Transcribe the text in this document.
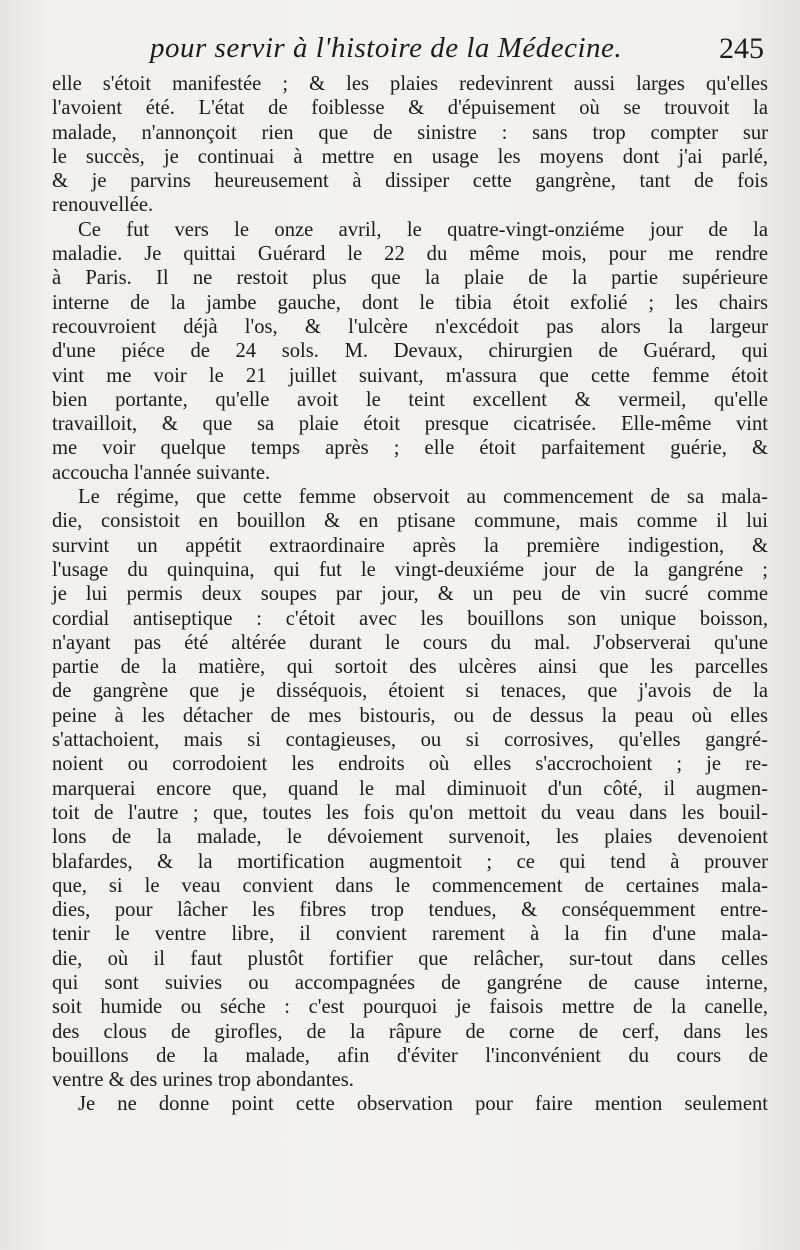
pour servir à l'histoire de la Médecine.	245
elle s'étoit manifestée ; & les plaies redevinrent aussi larges qu'elles
l'avoient été. L'état de foiblesse & d'épuisement où se trouvoit la
malade, n'annonçoit rien que de sinistre : sans trop compter sur
le succès, je continuai à mettre en usage les moyens dont j'ai parlé,
& je parvins heureusement à dissiper cette gangrène, tant de fois
renouvellée.
Ce fut vers le onze avril, le quatre-vingt-onziéme jour de la
maladie. Je quittai Guérard le 22 du même mois, pour me rendre
à Paris. Il ne restoit plus que la plaie de la partie supérieure
interne de la jambe gauche, dont le tibia étoit exfolié ; les chairs
recouvroient déjà l'os, & l'ulcère n'excédoit pas alors la largeur
d'une piéce de 24 sols. M. Devaux, chirurgien de Guérard, qui
vint me voir le 21 juillet suivant, m'assura que cette femme étoit
bien portante, qu'elle avoit le teint excellent & vermeil, qu'elle
travailloit, & que sa plaie étoit presque cicatrisée. Elle-même vint
me voir quelque temps après ; elle étoit parfaitement guérie, &
accoucha l'année suivante.
Le régime, que cette femme observoit au commencement de sa mala-
die, consistoit en bouillon & en ptisane commune, mais comme il lui
survint un appétit extraordinaire après la première indigestion, &
l'usage du quinquina, qui fut le vingt-deuxiéme jour de la gangréne ;
je lui permis deux soupes par jour, & un peu de vin sucré comme
cordial antiseptique : c'étoit avec les bouillons son unique boisson,
n'ayant pas été altérée durant le cours du mal. J'observerai qu'une
partie de la matière, qui sortoit des ulcères ainsi que les parcelles
de gangrène que je disséquois, étoient si tenaces, que j'avois de la
peine à les détacher de mes bistouris, ou de dessus la peau où elles
s'attachoient, mais si contagieuses, ou si corrosives, qu'elles gangré-
noient ou corrodoient les endroits où elles s'accrochoient ; je re-
marquerai encore que, quand le mal diminuoit d'un côté, il augmen-
toit de l'autre ; que, toutes les fois qu'on mettoit du veau dans les bouil-
lons de la malade, le dévoiement survenoit, les plaies devenoient
blafardes, & la mortification augmentoit ; ce qui tend à prouver
que, si le veau convient dans le commencement de certaines mala-
dies, pour lâcher les fibres trop tendues, & conséquemment entre-
tenir le ventre libre, il convient rarement à la fin d'une mala-
die, où il faut plustôt fortifier que relâcher, sur-tout dans celles
qui sont suivies ou accompagnées de gangréne de cause interne,
soit humide ou séche : c'est pourquoi je faisois mettre de la canelle,
des clous de girofles, de la râpure de corne de cerf, dans les
bouillons de la malade, afin d'éviter l'inconvénient du cours de
ventre & des urines trop abondantes.
Je ne donne point cette observation pour faire mention seulement
